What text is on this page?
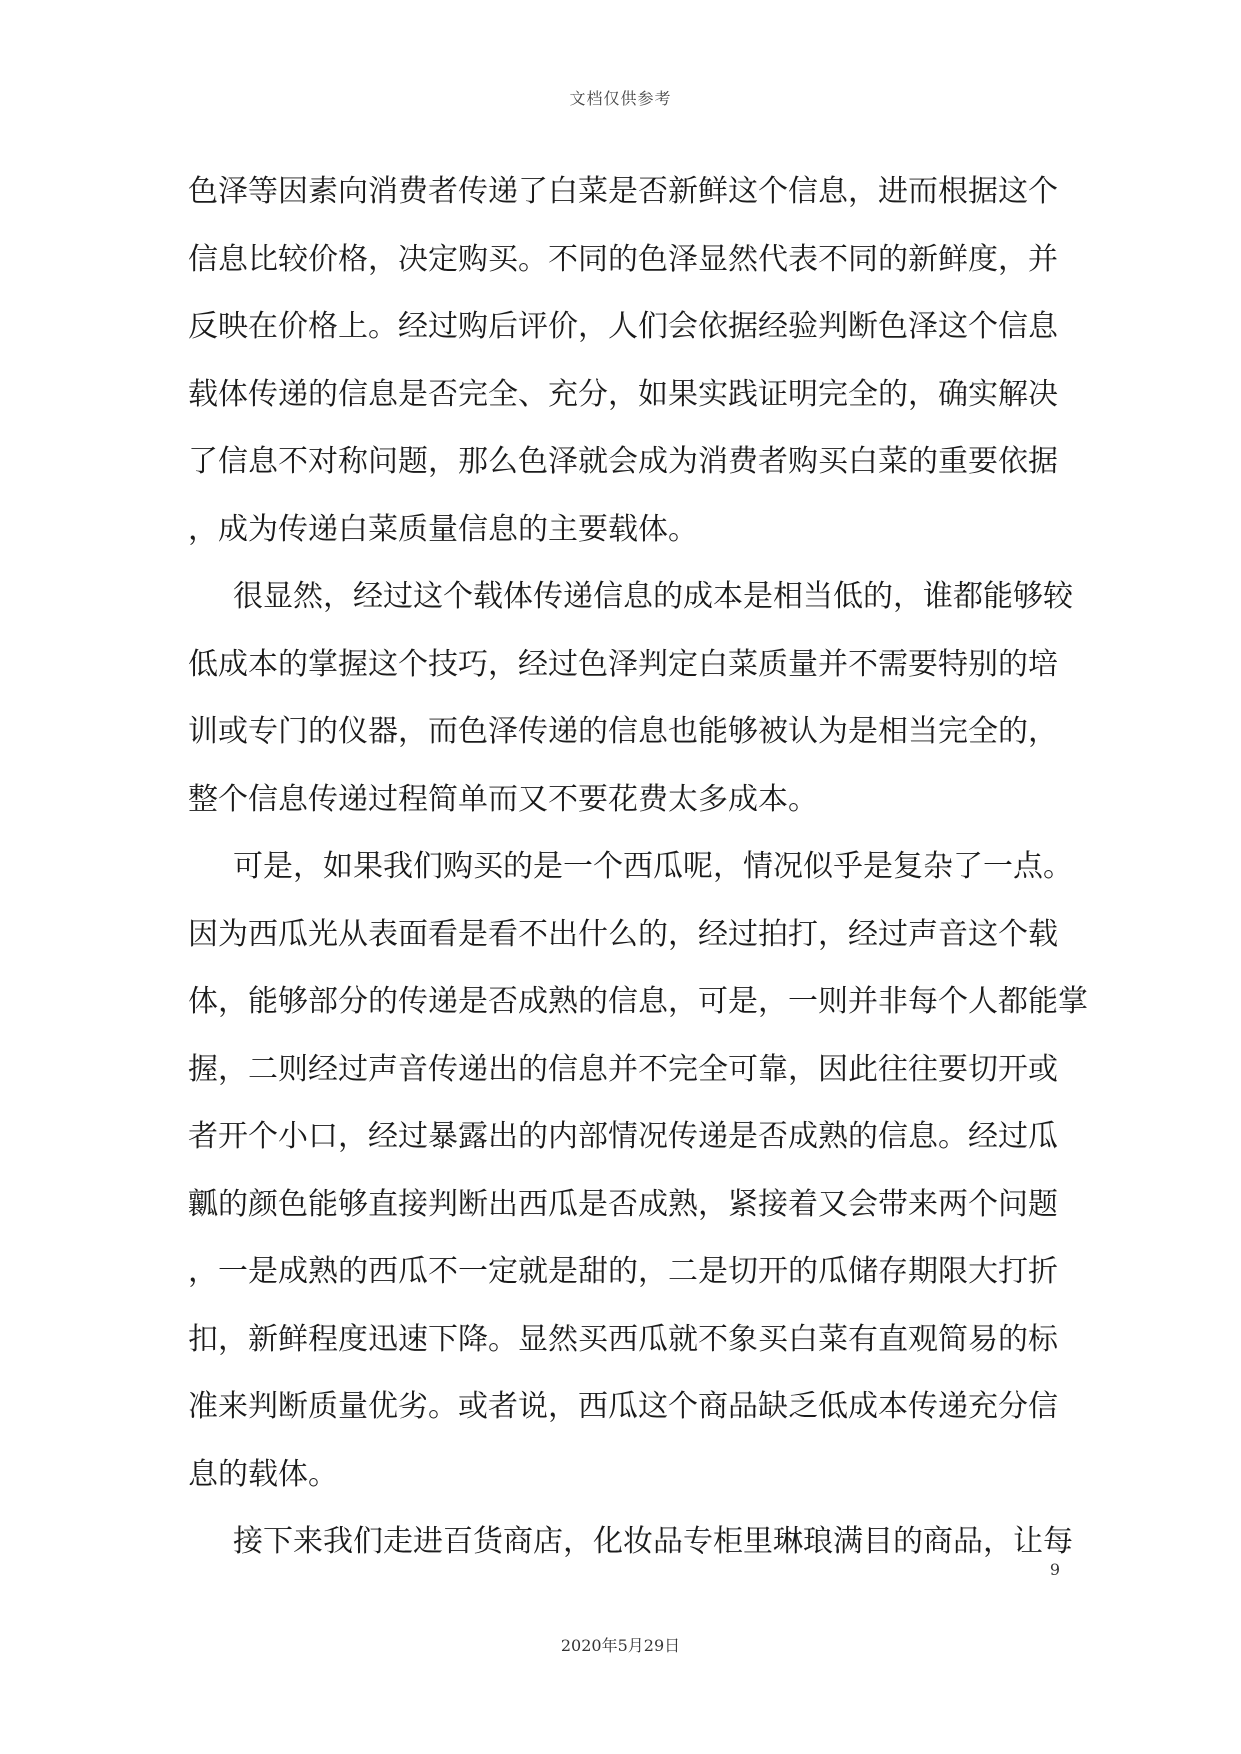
文档仅供参考
色泽等因素向消费者传递了白菜是否新鲜这个信息，进而根据这个
信息比较价格，决定购买。不同的色泽显然代表不同的新鲜度，并
反映在价格上。经过购后评价，人们会依据经验判断色泽这个信息
载体传递的信息是否完全、充分，如果实践证明完全的，确实解决
了信息不对称问题，那么色泽就会成为消费者购买白菜的重要依据
，成为传递白菜质量信息的主要载体。
很显然，经过这个载体传递信息的成本是相当低的，谁都能够较
低成本的掌握这个技巧，经过色泽判定白菜质量并不需要特别的培
训或专门的仪器，而色泽传递的信息也能够被认为是相当完全的，
整个信息传递过程简单而又不要花费太多成本。
可是，如果我们购买的是一个西瓜呢，情况似乎是复杂了一点。
因为西瓜光从表面看是看不出什么的，经过拍打，经过声音这个载
体，能够部分的传递是否成熟的信息，可是，一则并非每个人都能掌
握，二则经过声音传递出的信息并不完全可靠，因此往往要切开或
者开个小口，经过暴露出的内部情况传递是否成熟的信息。经过瓜
瓤的颜色能够直接判断出西瓜是否成熟，紧接着又会带来两个问题
，一是成熟的西瓜不一定就是甜的，二是切开的瓜储存期限大打折
扣，新鲜程度迅速下降。显然买西瓜就不象买白菜有直观简易的标
准来判断质量优劣。或者说，西瓜这个商品缺乏低成本传递充分信
息的载体。
接下来我们走进百货商店，化妆品专柜里琳琅满目的商品，让每
9
2020年5月29日
